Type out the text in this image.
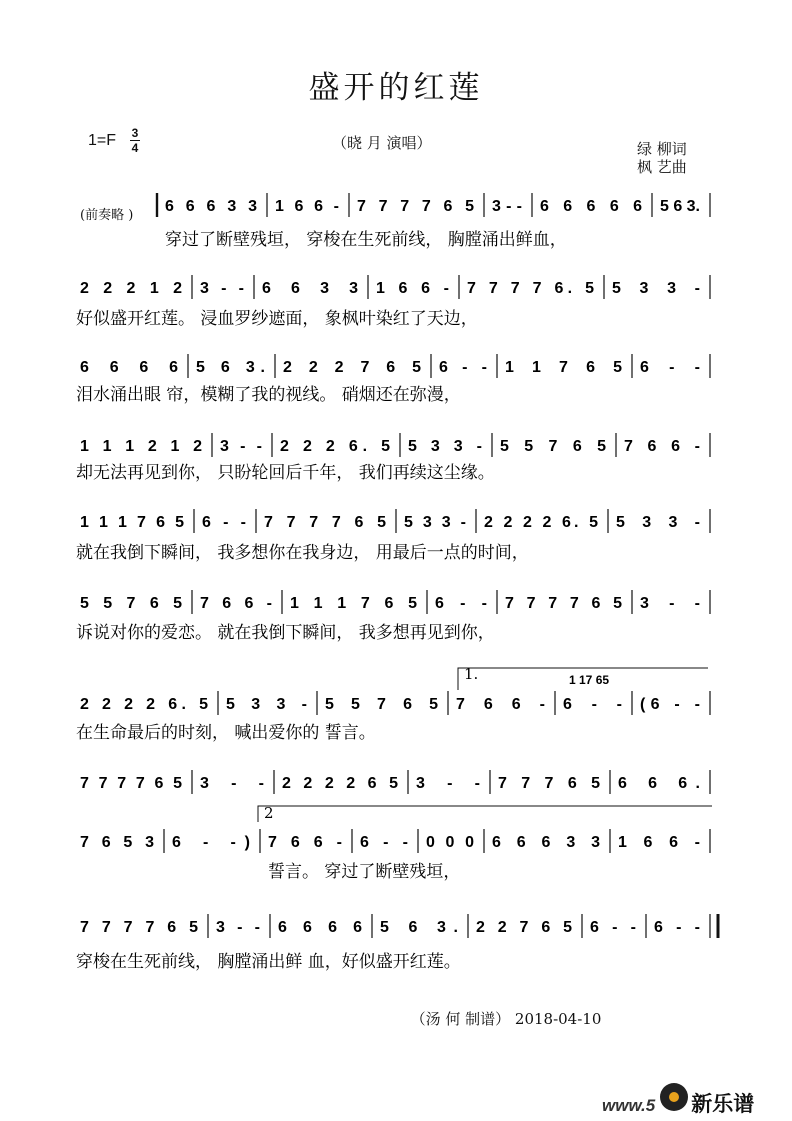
盛开的红莲
1=F 3
4	（晓 月 演唱）	绿 柳词
枫 艺曲
(前奏略 )
（汤 何 制谱） 2018-04-10
www.5 新乐谱
6 6 6 3 3 1 6 6 - 7 7 7 7 6 5 3 - - 6 6 6 6 6 5 6 3.
2 2 2 1 2 3 - - 6 6 3 3 1 6 6 - 7 7 7 7 6. 5 5 3 3 -
6 6 6 6 5 6 3. 2 2 2 7 6 5 6 - - 1 1 7 6 5 6 - -
1 1 1 2 1 2 3 - - 2 2 2 6. 5 5 3 3 - 5 5 7 6 5 7 6 6 -
1 1 1 7 6 5 6 - - 7 7 7 7 6 5 5 3 3 - 2 2 2 2 6. 5 5 3 3 -
5 5 7 6 5 7 6 6 - 1 1 1 7 6 5 6 - - 7 7 7 7 6 5 3 - -
2 2 2 2 6. 5 5 3 3 - 5 5 7 6 5 7 6 6 - 6 - - (6 - -
7 7 7 7 6 5 3 - - 2 2 2 2 6 5 3 - - 7 7 7 6 5 6 6 6.
7 6 5 3 6 - -) 7 6 6 - 6 - - 0 0 0 6 6 6 3 3 1 6 6 -
7 7 7 7 6 5 3 - - 6 6 6 6 5 6 3. 2 2 7 6 5 6 - - 6 - -
穿过了断壁残垣， 穿梭在生死前线， 胸膛涌出鲜血，
好似盛开红莲。 浸血罗纱遮面， 象枫叶染红了天边，
泪水涌出眼 帘，模糊了我的视线。 硝烟还在弥漫，
却无法再见到你， 只盼轮回后千年， 我们再续这尘缘。
就在我倒下瞬间， 我多想你在我身边， 用最后一点的时间，
诉说对你的爱恋。 就在我倒下瞬间， 我多想再见到你，
在生命最后的时刻， 喊出爱你的 誓言。
誓言。 穿过了断壁残垣，
穿梭在生死前线， 胸膛涌出鲜 血，好似盛开红莲。
1.
2
1 17 65
